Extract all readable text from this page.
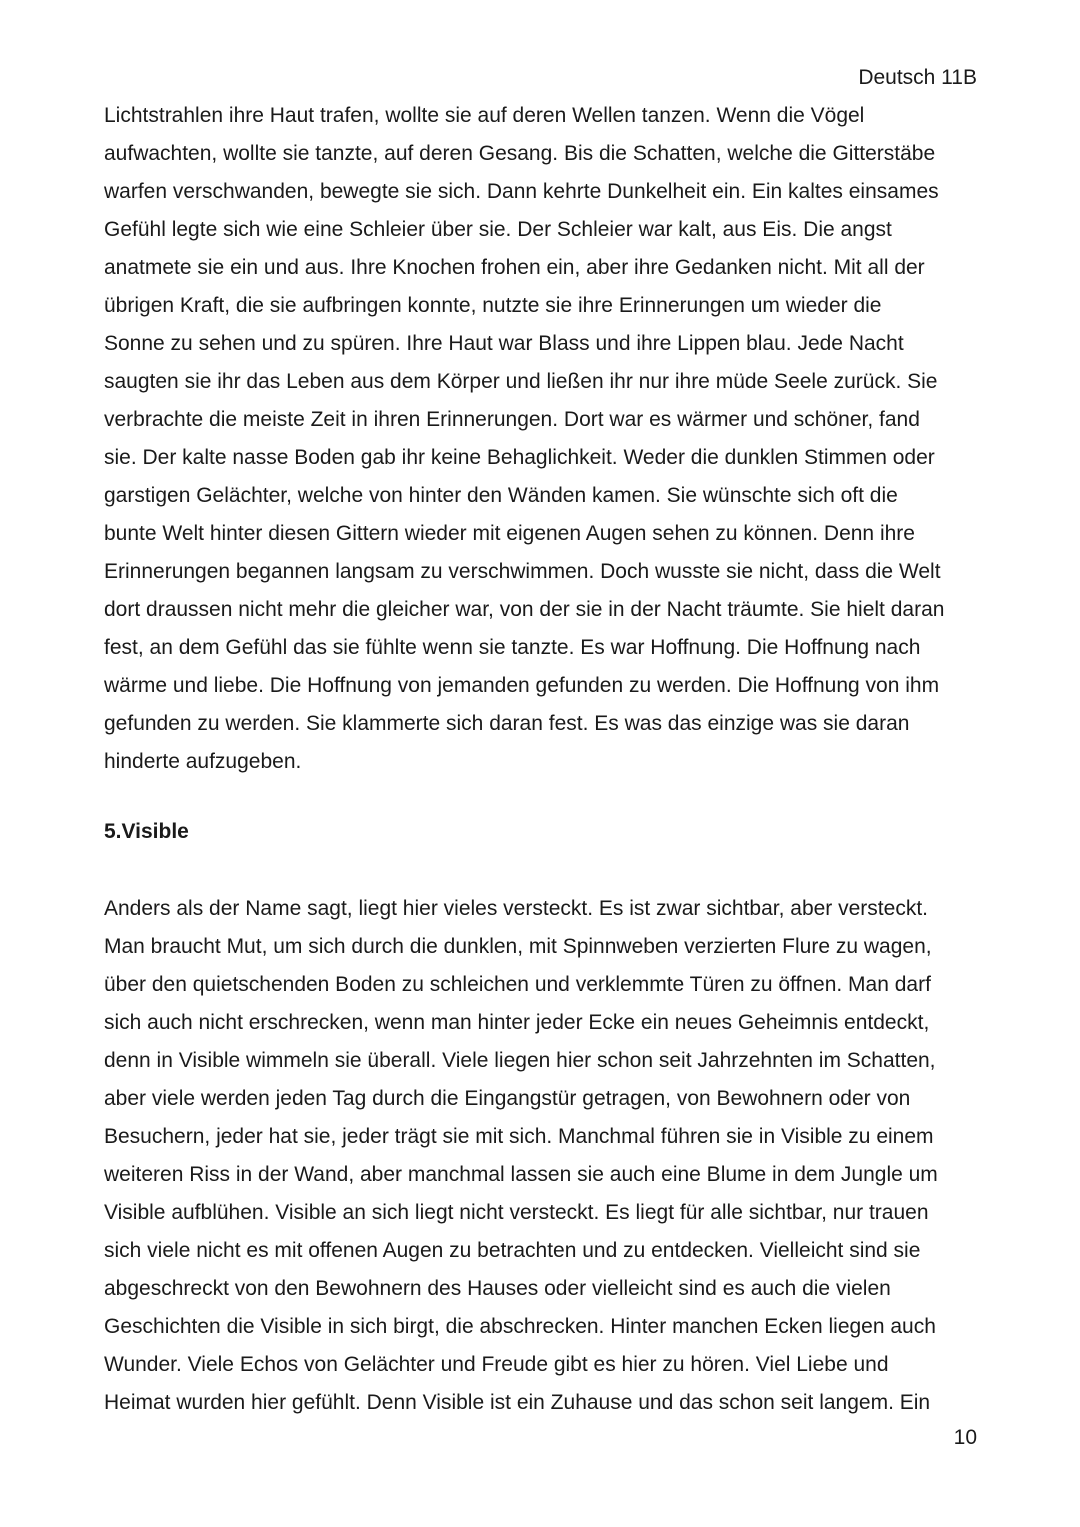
Deutsch 11B

Lichtstrahlen ihre Haut trafen, wollte sie auf deren Wellen tanzen. Wenn die Vögel
aufwachten, wollte sie tanzte, auf deren Gesang. Bis die Schatten, welche die Gitterstäbe
warfen verschwanden, bewegte sie sich. Dann kehrte Dunkelheit ein. Ein kaltes einsames
Gefühl legte sich wie eine Schleier über sie. Der Schleier war kalt, aus Eis. Die angst
anatmete sie ein und aus. Ihre Knochen frohen ein, aber ihre Gedanken nicht. Mit all der
übrigen Kraft, die sie aufbringen konnte, nutzte sie ihre Erinnerungen um wieder die
Sonne zu sehen und zu spüren. Ihre Haut war Blass und ihre Lippen blau. Jede Nacht
saugten sie ihr das Leben aus dem Körper und ließen ihr nur ihre müde Seele zurück. Sie
verbrachte die meiste Zeit in ihren Erinnerungen. Dort war es wärmer und schöner, fand
sie. Der kalte nasse Boden gab ihr keine Behaglichkeit. Weder die dunklen Stimmen oder
garstigen Gelächter, welche von hinter den Wänden kamen. Sie wünschte sich oft die
bunte Welt hinter diesen Gittern wieder mit eigenen Augen sehen zu können. Denn ihre
Erinnerungen begannen langsam zu verschwimmen. Doch wusste sie nicht, dass die Welt
dort draussen nicht mehr die gleicher war, von der sie in der Nacht träumte. Sie hielt daran
fest, an dem Gefühl das sie fühlte wenn sie tanzte. Es war Hoffnung. Die Hoffnung nach
wärme und liebe. Die Hoffnung von jemanden gefunden zu werden. Die Hoffnung von ihm
gefunden zu werden. Sie klammerte sich daran fest. Es was das einzige was sie daran
hinderte aufzugeben.

5.Visible

Anders als der Name sagt, liegt hier vieles versteckt. Es ist zwar sichtbar, aber versteckt.
Man braucht Mut, um sich durch die dunklen, mit Spinnweben verzierten Flure zu wagen,
über den quietschenden Boden zu schleichen und verklemmte Türen zu öffnen. Man darf
sich auch nicht erschrecken, wenn man hinter jeder Ecke ein neues Geheimnis entdeckt,
denn in Visible wimmeln sie überall. Viele liegen hier schon seit Jahrzehnten im Schatten,
aber viele werden jeden Tag durch die Eingangstür getragen, von Bewohnern oder von
Besuchern, jeder hat sie, jeder trägt sie mit sich. Manchmal führen sie in Visible zu einem
weiteren Riss in der Wand, aber manchmal lassen sie auch eine Blume in dem Jungle um
Visible aufblühen. Visible an sich liegt nicht versteckt. Es liegt für alle sichtbar, nur trauen
sich viele nicht es mit offenen Augen zu betrachten und zu entdecken. Vielleicht sind sie
abgeschreckt von den Bewohnern des Hauses oder vielleicht sind es auch die vielen
Geschichten die Visible in sich birgt, die abschrecken. Hinter manchen Ecken liegen auch
Wunder. Viele Echos von Gelächter und Freude gibt es hier zu hören. Viel Liebe und
Heimat wurden hier gefühlt. Denn Visible ist ein Zuhause und das schon seit langem. Ein

10
